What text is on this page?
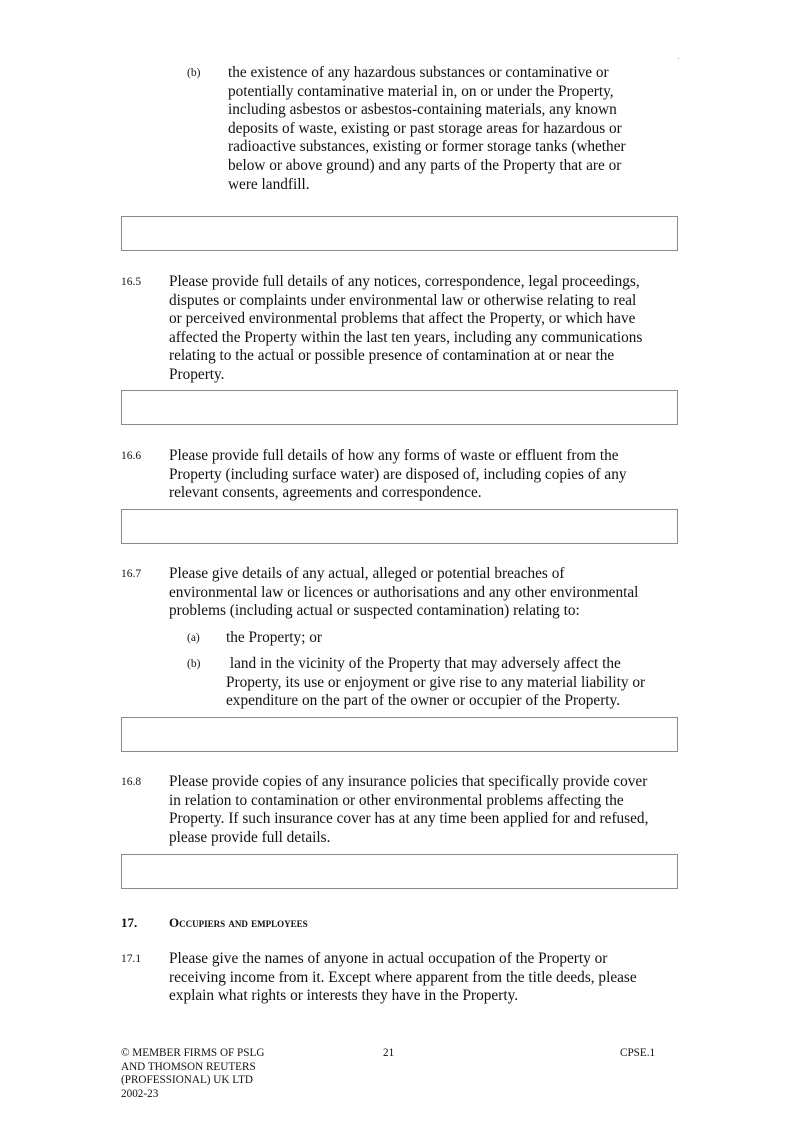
(b) the existence of any hazardous substances or contaminative or
potentially contaminative material in, on or under the Property,
including asbestos or asbestos-containing materials, any known
deposits of waste, existing or past storage areas for hazardous or
radioactive substances, existing or former storage tanks (whether
below or above ground) and any parts of the Property that are or
were landfill.
16.5 Please provide full details of any notices, correspondence, legal proceedings,
disputes or complaints under environmental law or otherwise relating to real
or perceived environmental problems that affect the Property, or which have
affected the Property within the last ten years, including any communications
relating to the actual or possible presence of contamination at or near the
Property.
16.6 Please provide full details of how any forms of waste or effluent from the
Property (including surface water) are disposed of, including copies of any
relevant consents, agreements and correspondence.
16.7 Please give details of any actual, alleged or potential breaches of
environmental law or licences or authorisations and any other environmental
problems (including actual or suspected contamination) relating to:
(a) the Property; or
(b) land in the vicinity of the Property that may adversely affect the
Property, its use or enjoyment or give rise to any material liability or
expenditure on the part of the owner or occupier of the Property.
16.8 Please provide copies of any insurance policies that specifically provide cover
in relation to contamination or other environmental problems affecting the
Property. If such insurance cover has at any time been applied for and refused,
please provide full details.
17. Occupiers and employees
17.1 Please give the names of anyone in actual occupation of the Property or
receiving income from it. Except where apparent from the title deeds, please
explain what rights or interests they have in the Property.
© MEMBER FIRMS OF PSLG
AND THOMSON REUTERS
(PROFESSIONAL) UK LTD
2002-23
21	CPSE.1
